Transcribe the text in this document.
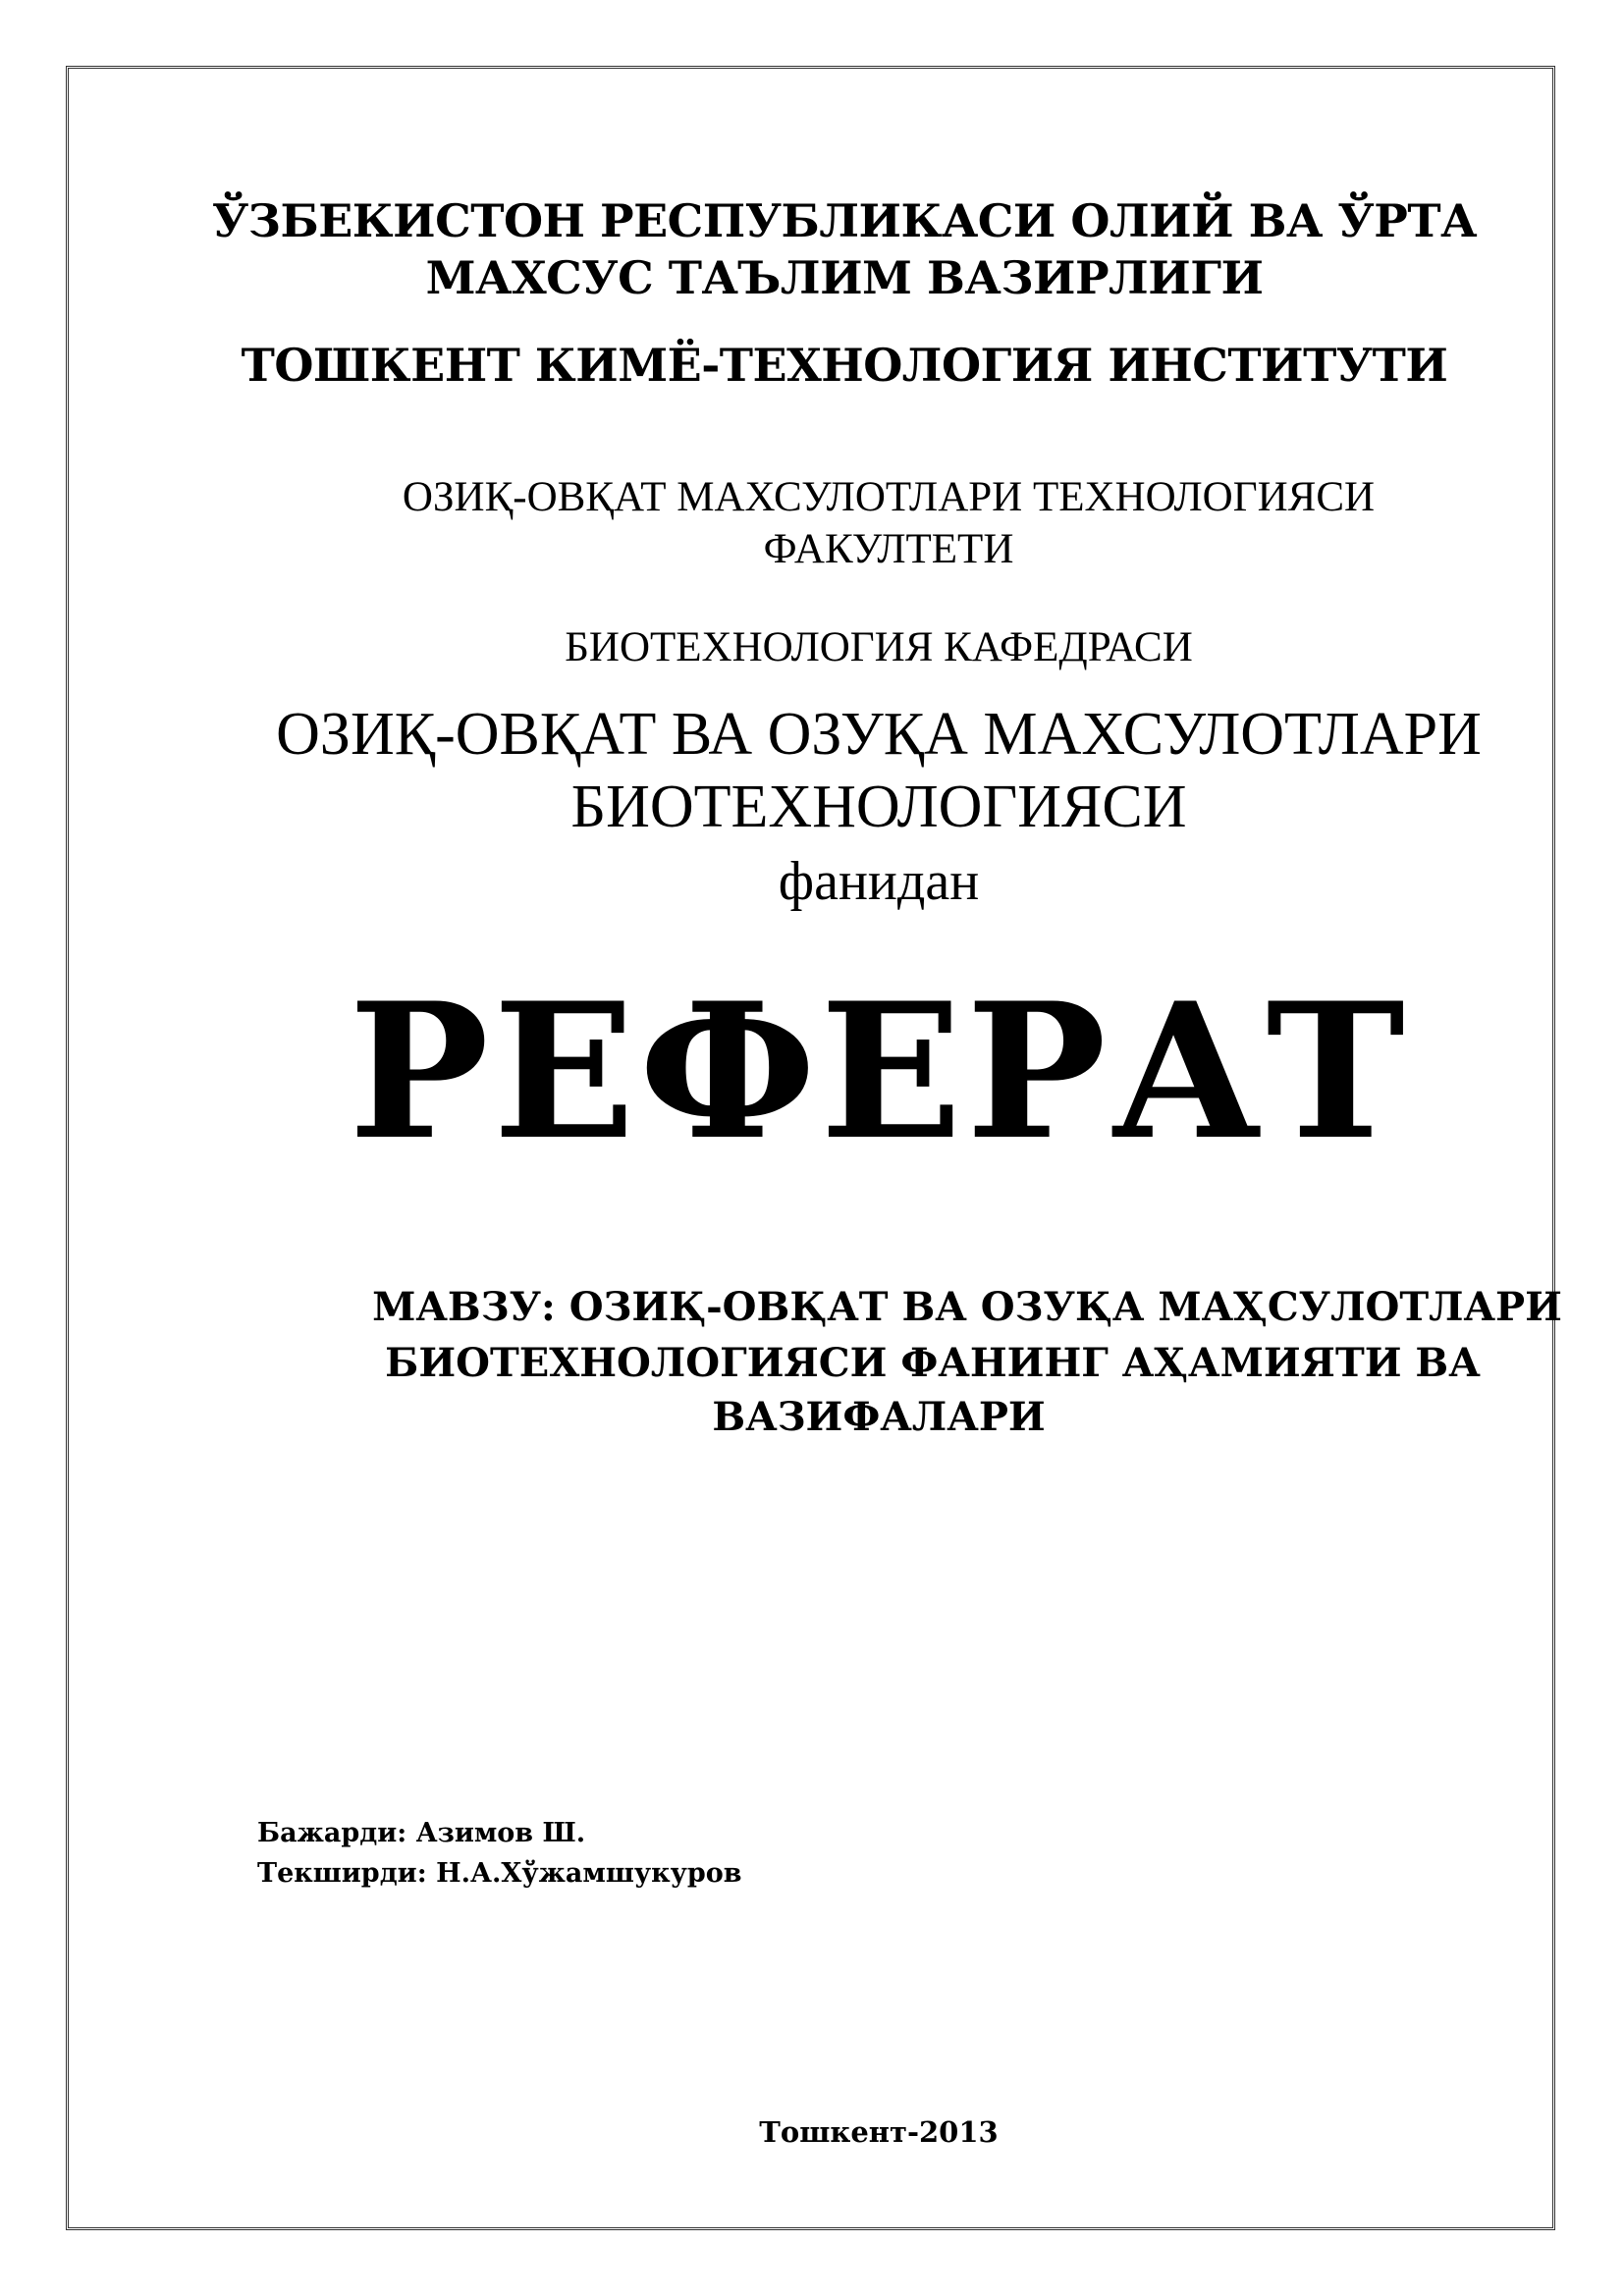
ЎЗБЕКИСТОН РЕСПУБЛИКАСИ ОЛИЙ ВА ЎРТА

МАХСУС ТАЪЛИМ ВАЗИРЛИГИ

ТОШКЕНТ КИМЁ-ТЕХНОЛОГИЯ ИНСТИТУТИ

ОЗИҚ-ОВҚАТ МАХСУЛОТЛАРИ ТЕХНОЛОГИЯСИ

ФАКУЛТЕТИ

БИОТЕХНОЛОГИЯ КАФЕДРАСИ

ОЗИҚ-ОВҚАТ ВА ОЗУҚА МАХСУЛОТЛАРИ

БИОТЕХНОЛОГИЯСИ

фанидан

РЕФЕРАТ

МАВЗУ: ОЗИҚ-ОВҚАТ ВА ОЗУҚА МАҲСУЛОТЛАРИ

БИОТЕХНОЛОГИЯСИ ФАНИНГ АҲАМИЯТИ ВА

ВАЗИФАЛАРИ

Бажарди: Азимов Ш.
Текширди: Н.А.Хўжамшукуров

Тошкент-2013
